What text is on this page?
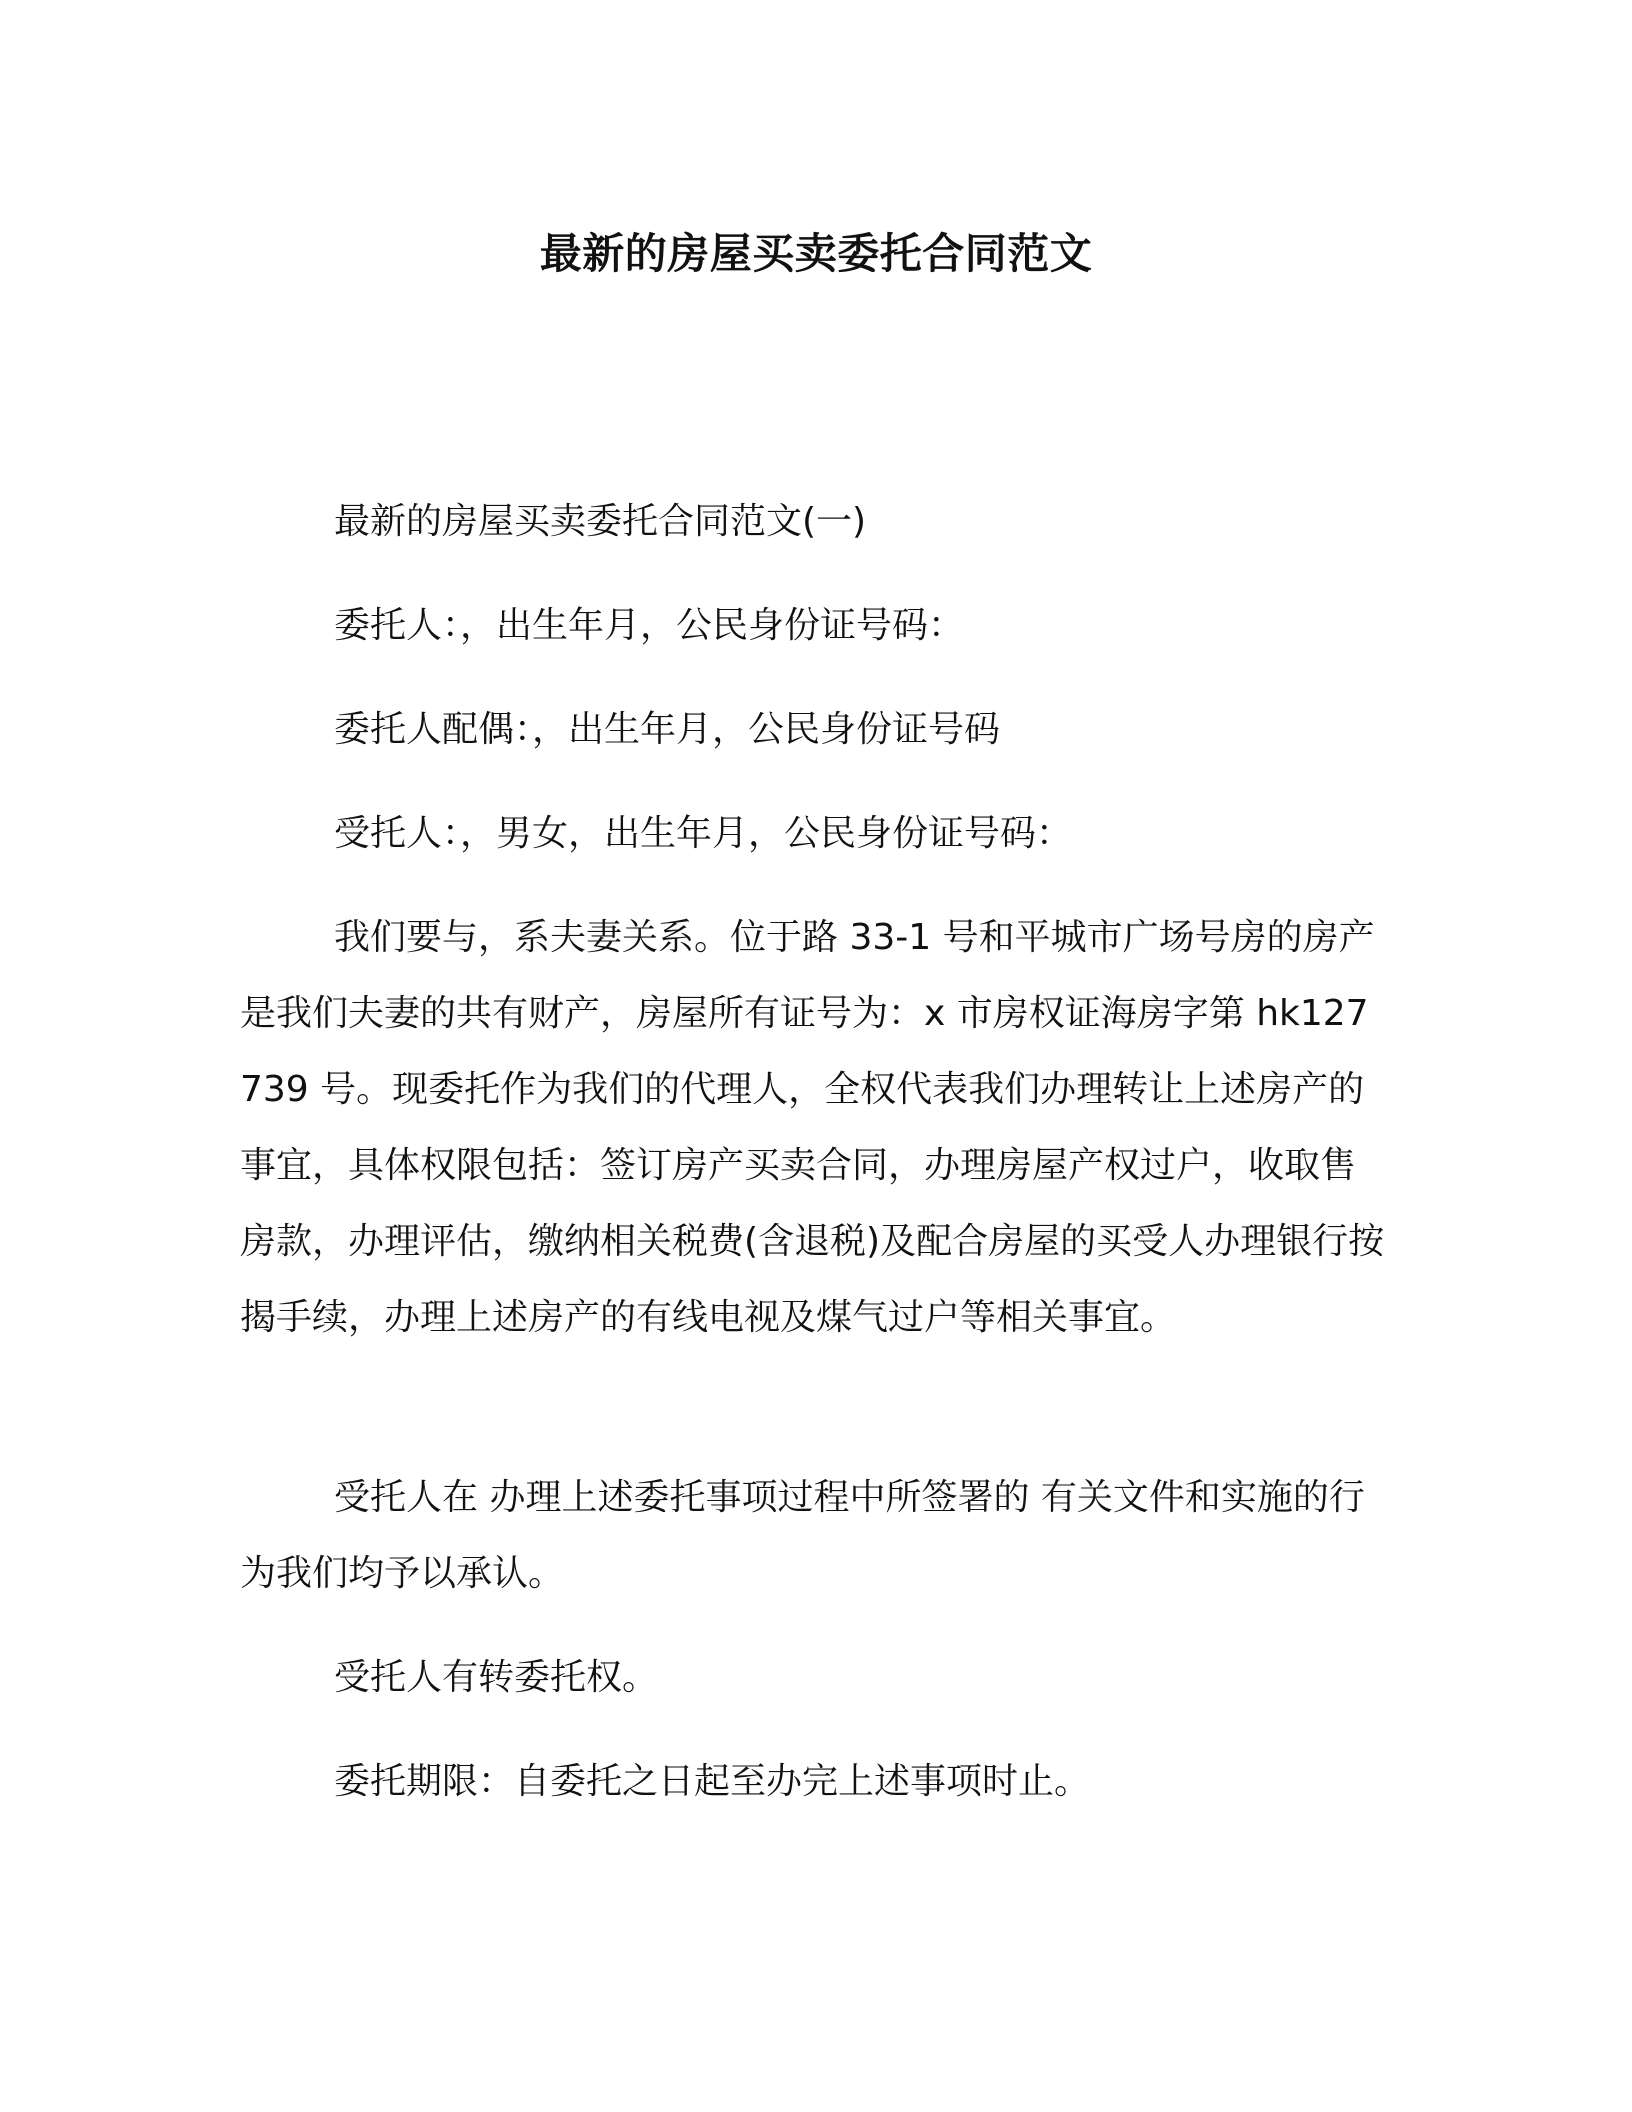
最新的房屋买卖委托合同范文

最新的房屋买卖委托合同范文(一)

委托人：，出生年月，公民身份证号码：

委托人配偶：，出生年月，公民身份证号码

受托人：，男女，出生年月，公民身份证号码：

我们要与，系夫妻关系。位于路 33-1 号和平城市广场号房的房产是我们夫妻的共有财产，房屋所有证号为：x 市房权证海房字第 hk127739 号。现委托作为我们的代理人，全权代表我们办理转让上述房产的事宜，具体权限包括：签订房产买卖合同，办理房屋产权过户，收取售房款，办理评估，缴纳相关税费(含退税)及配合房屋的买受人办理银行按揭手续，办理上述房产的有线电视及煤气过户等相关事宜。

受托人在 办理上述委托事项过程中所签署的 有关文件和实施的行为我们均予以承认。

受托人有转委托权。

委托期限：自委托之日起至办完上述事项时止。
